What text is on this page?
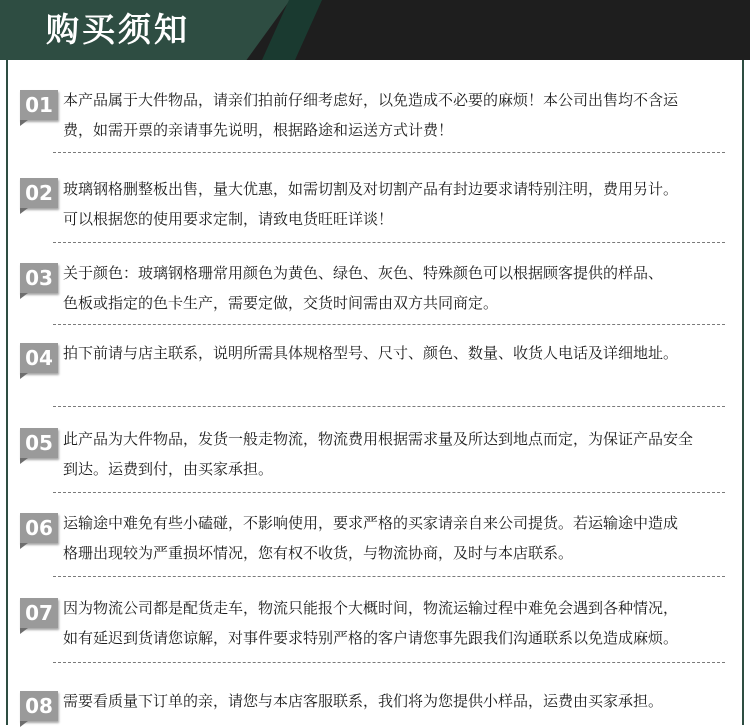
购买须知
01 本产品属于大件物品，请亲们拍前仔细考虑好，以免造成不必要的麻烦！本公司出售均不含运
费，如需开票的亲请事先说明，根据路途和运送方式计费！
02 玻璃钢格删整板出售，量大优惠，如需切割及对切割产品有封边要求请特别注明，费用另计。
可以根据您的使用要求定制，请致电货旺旺详谈！
03 关于颜色：玻璃钢格珊常用颜色为黄色、绿色、灰色、特殊颜色可以根据顾客提供的样品、
色板或指定的色卡生产，需要定做，交货时间需由双方共同商定。
04 拍下前请与店主联系，说明所需具体规格型号、尺寸、颜色、数量、收货人电话及详细地址。
05 此产品为大件物品，发货一般走物流，物流费用根据需求量及所达到地点而定，为保证产品安全
到达。运费到付，由买家承担。
06 运输途中难免有些小磕碰，不影响使用，要求严格的买家请亲自来公司提货。若运输途中造成
格珊出现较为严重损坏情况，您有权不收货，与物流协商，及时与本店联系。
07 因为物流公司都是配货走车，物流只能报个大概时间，物流运输过程中难免会遇到各种情况，
如有延迟到货请您谅解，对事件要求特别严格的客户请您事先跟我们沟通联系以免造成麻烦。
08 需要看质量下订单的亲，请您与本店客服联系，我们将为您提供小样品，运费由买家承担。
